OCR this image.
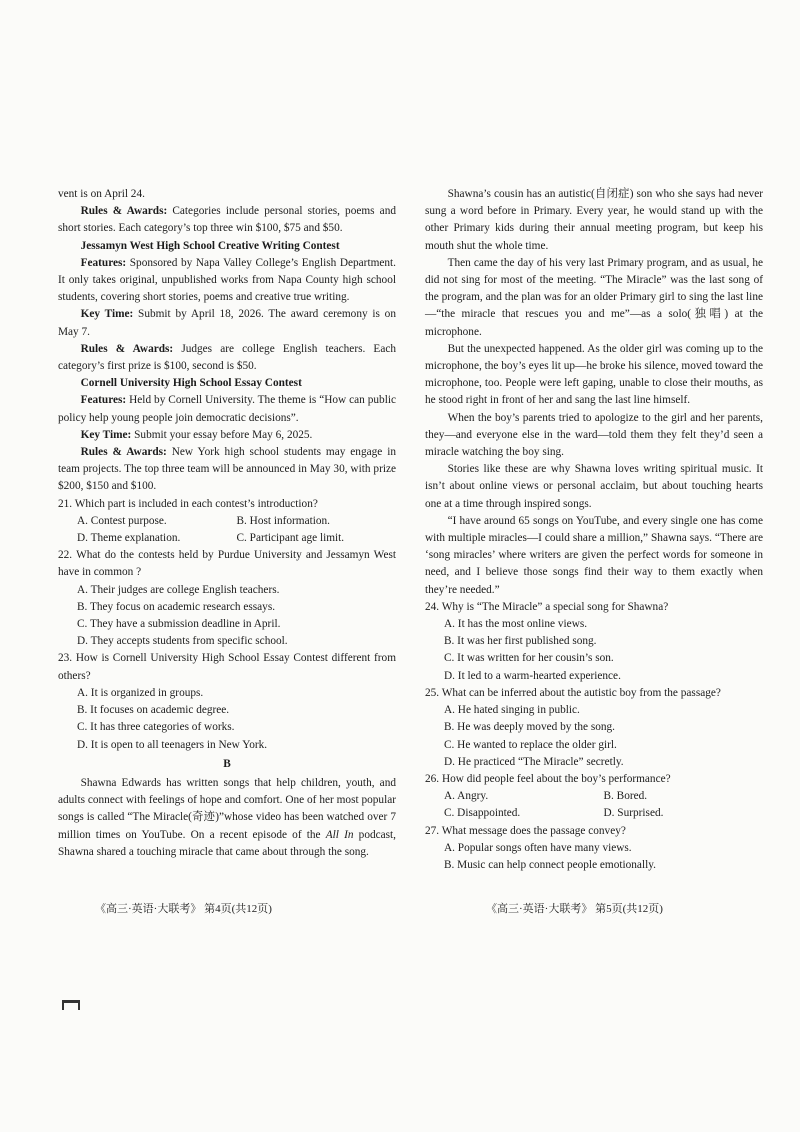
vent is on April 24.

Rules & Awards: Categories include personal stories, poems and short stories. Each category’s top three win $100, $75 and $50.

Jessamyn West High School Creative Writing Contest

Features: Sponsored by Napa Valley College’s English Department. It only takes original, unpublished works from Napa County high school students, covering short stories, poems and creative true writing.

Key Time: Submit by April 18, 2026. The award ceremony is on May 7.

Rules & Awards: Judges are college English teachers. Each category’s first prize is $100, second is $50.

Cornell University High School Essay Contest

Features: Held by Cornell University. The theme is “How can public policy help young people join democratic decisions”.

Key Time: Submit your essay before May 6, 2025.

Rules & Awards: New York high school students may engage in team projects. The top three team will be announced in May 30, with prize $200, $150 and $100.

21. Which part is included in each contest’s introduction?

A. Contest purpose.	B. Host information.
D. Theme explanation.	C. Participant age limit.

22. What do the contests held by Purdue University and Jessamyn West have in common ?

A. Their judges are college English teachers.

B. They focus on academic research essays.

C. They have a submission deadline in April.

D. They accepts students from specific school.

23. How is Cornell University High School Essay Contest different from others?

A. It is organized in groups.

B. It focuses on academic degree.

C. It has three categories of works.

D. It is open to all teenagers in New York.

B

Shawna Edwards has written songs that help children, youth, and adults connect with feelings of hope and comfort. One of her most popular songs is called “The Miracle(奇迹)”whose video has been watched over 7 million times on YouTube. On a recent episode of the All In podcast, Shawna shared a touching miracle that came about through the song.

Shawna’s cousin has an autistic(自闭症) son who she says had never sung a word before in Primary. Every year, he would stand up with the other Primary kids during their annual meeting program, but keep his mouth shut the whole time.

Then came the day of his very last Primary program, and as usual, he did not sing for most of the meeting. “The Miracle” was the last song of the program, and the plan was for an older Primary girl to sing the last line—“the miracle that rescues you and me”—as a solo(独唱) at the microphone.

But the unexpected happened. As the older girl was coming up to the microphone, the boy’s eyes lit up—he broke his silence, moved toward the microphone, too. People were left gaping, unable to close their mouths, as he stood right in front of her and sang the last line himself.

When the boy’s parents tried to apologize to the girl and her parents, they—and everyone else in the ward—told them they felt they’d seen a miracle watching the boy sing.

Stories like these are why Shawna loves writing spiritual music. It isn’t about online views or personal acclaim, but about touching hearts one at a time through inspired songs.

“I have around 65 songs on YouTube, and every single one has come with multiple miracles—I could share a million,” Shawna says. “There are ‘song miracles’ where writers are given the perfect words for someone in need, and I believe those songs find their way to them exactly when they’re needed.”

24. Why is “The Miracle” a special song for Shawna?

A. It has the most online views.

B. It was her first published song.

C. It was written for her cousin’s son.

D. It led to a warm-hearted experience.

25. What can be inferred about the autistic boy from the passage?

A. He hated singing in public.

B. He was deeply moved by the song.

C. He wanted to replace the older girl.

D. He practiced “The Miracle” secretly.

26. How did people feel about the boy’s performance?

A. Angry.	B. Bored.
C. Disappointed.	D. Surprised.

27. What message does the passage convey?

A. Popular songs often have many views.

B. Music can help connect people emotionally.

《高三·英语·大联考》 第4页(共12页)	《高三·英语·大联考》 第5页(共12页)
